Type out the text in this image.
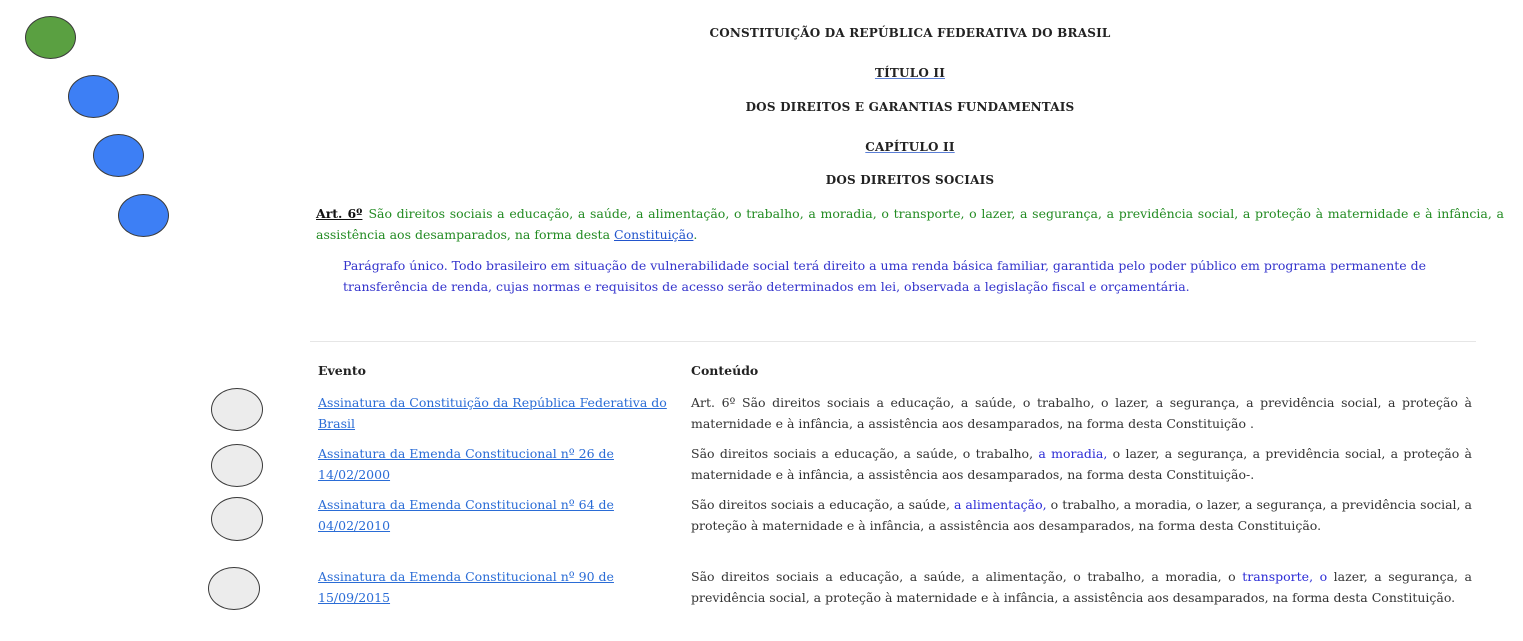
CONSTITUIÇÃO DA REPÚBLICA FEDERATIVA DO BRASIL
TÍTULO II
DOS DIREITOS E GARANTIAS FUNDAMENTAIS
CAPÍTULO II
DOS DIREITOS SOCIAIS
Art. 6º São direitos sociais a educação, a saúde, a alimentação, o trabalho, a moradia, o transporte, o lazer, a segurança, a previdência social, a proteção à maternidade e à infância, a assistência aos desamparados, na forma desta Constituição.
Parágrafo único. Todo brasileiro em situação de vulnerabilidade social terá direito a uma renda básica familiar, garantida pelo poder público em programa permanente de transferência de renda, cujas normas e requisitos de acesso serão determinados em lei, observada a legislação fiscal e orçamentária.
Evento	Conteúdo
Assinatura da Constituição da República Federativa do Brasil
Art. 6º São direitos sociais a educação, a saúde, o trabalho, o lazer, a segurança, a previdência social, a proteção à maternidade e à infância, a assistência aos desamparados, na forma desta Constituição .
Assinatura da Emenda Constitucional nº 26 de 14/02/2000
São direitos sociais a educação, a saúde, o trabalho, a moradia, o lazer, a segurança, a previdência social, a proteção à maternidade e à infância, a assistência aos desamparados, na forma desta Constituição-.
Assinatura da Emenda Constitucional nº 64 de 04/02/2010
São direitos sociais a educação, a saúde, a alimentação, o trabalho, a moradia, o lazer, a segurança, a previdência social, a proteção à maternidade e à infância, a assistência aos desamparados, na forma desta Constituição.
Assinatura da Emenda Constitucional nº 90 de 15/09/2015
São direitos sociais a educação, a saúde, a alimentação, o trabalho, a moradia, o transporte, o lazer, a segurança, a previdência social, a proteção à maternidade e à infância, a assistência aos desamparados, na forma desta Constituição.
